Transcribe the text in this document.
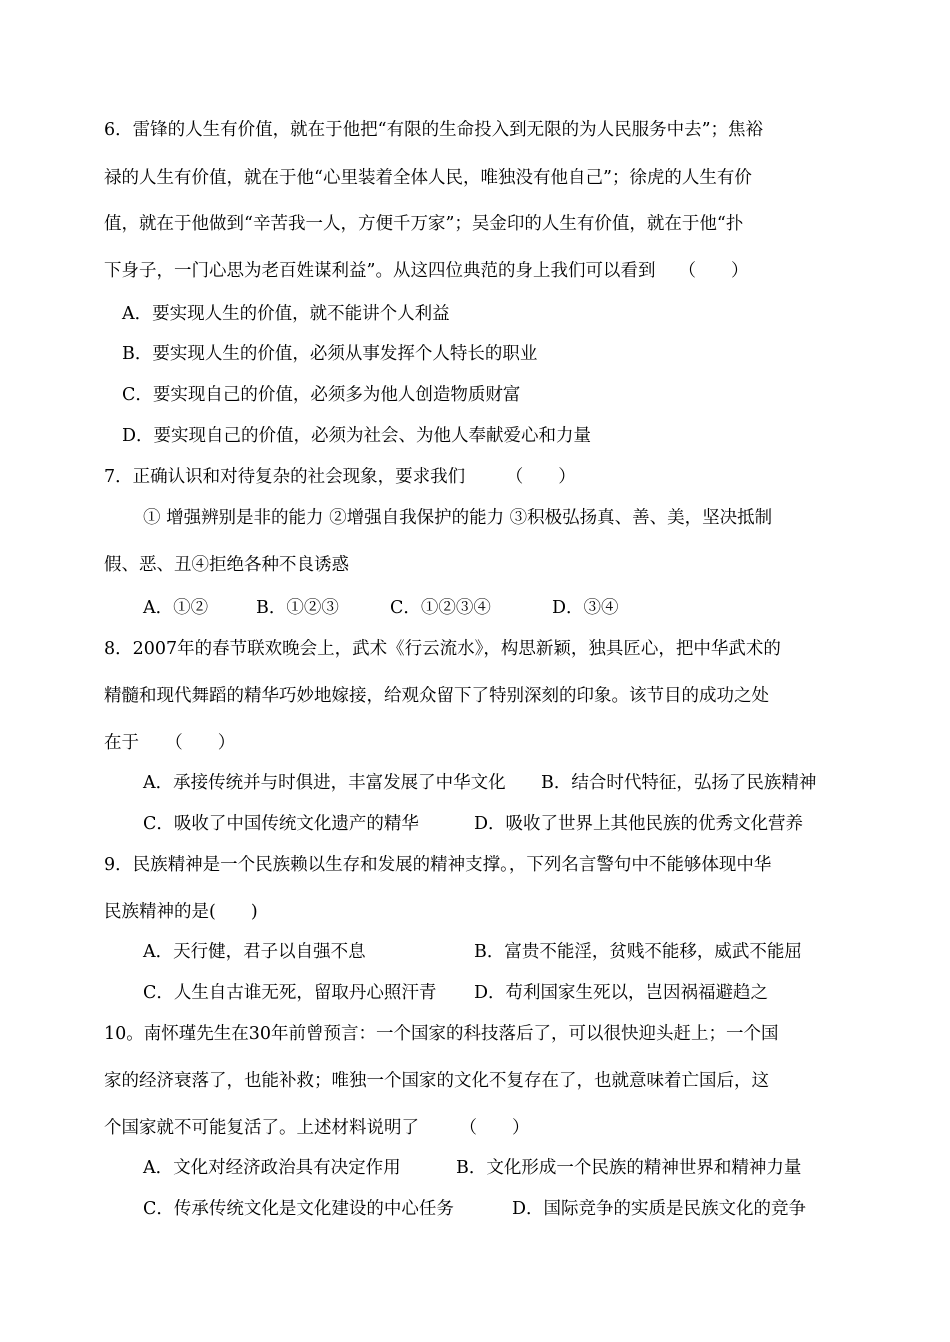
6．雷锋的人生有价值，就在于他把“有限的生命投入到无限的为人民服务中去”；焦裕
禄的人生有价值，就在于他“心里装着全体人民，唯独没有他自己”；徐虎的人生有价
值，就在于他做到“辛苦我一人，方便千万家”；吴金印的人生有价值，就在于他“扑
下身子，一门心思为老百姓谋利益”。从这四位典范的身上我们可以看到　 （　　）
A．要实现人生的价值，就不能讲个人利益
B．要实现人生的价值，必须从事发挥个人特长的职业
C．要实现自己的价值，必须多为他人创造物质财富
D．要实现自己的价值，必须为社会、为他人奉献爱心和力量
7．正确认识和对待复杂的社会现象，要求我们　　 （　　）
① 增强辨别是非的能力 ②增强自我保护的能力 ③积极弘扬真、善、美，坚决抵制
假、恶、丑④拒绝各种不良诱惑
A．①②	B．①②③	C．①②③④	D．③④
8．2007年的春节联欢晚会上，武术《行云流水》，构思新颖，独具匠心，把中华武术的
精髓和现代舞蹈的精华巧妙地嫁接，给观众留下了特别深刻的印象。该节目的成功之处
在于　　（　　）
A．承接传统并与时俱进，丰富发展了中华文化 B．结合时代特征，弘扬了民族精神
C．吸收了中国传统文化遗产的精华	D．吸收了世界上其他民族的优秀文化营养
9．民族精神是一个民族赖以生存和发展的精神支撑。，下列名言警句中不能够体现中华
民族精神的是(　　)
A．天行健，君子以自强不息	B．富贵不能淫，贫贱不能移，威武不能屈
C．人生自古谁无死，留取丹心照汗青 D．苟利国家生死以，岂因祸福避趋之
10。南怀瑾先生在30年前曾预言：一个国家的科技落后了，可以很快迎头赶上；一个国
家的经济衰落了，也能补救；唯独一个国家的文化不复存在了，也就意味着亡国后，这
个国家就不可能复活了。上述材料说明了　　 （　　）
A．文化对经济政治具有决定作用	B．文化形成一个民族的精神世界和精神力量
C．传承传统文化是文化建设的中心任务	D．国际竞争的实质是民族文化的竞争
